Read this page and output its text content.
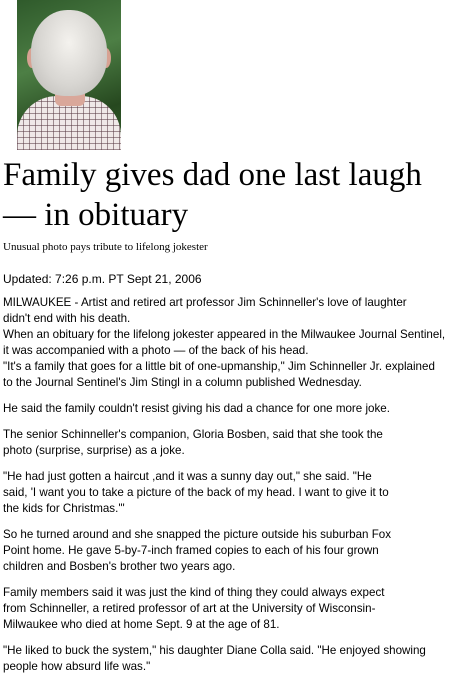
Family gives dad one last laugh — in obituary

Unusual photo pays tribute to lifelong jokester

Updated: 7:26 p.m. PT Sept 21, 2006

MILWAUKEE - Artist and retired art professor Jim Schinneller's love of laughter
didn't end with his death.
When an obituary for the lifelong jokester appeared in the Milwaukee Journal Sentinel,
it was accompanied with a photo — of the back of his head.
"It's a family that goes for a little bit of one-upmanship," Jim Schinneller Jr. explained
to the Journal Sentinel's Jim Stingl in a column published Wednesday.

He said the family couldn't resist giving his dad a chance for one more joke.

The senior Schinneller's companion, Gloria Bosben, said that she took the
photo (surprise, surprise) as a joke.

"He had just gotten a haircut ,and it was a sunny day out," she said. "He
said, 'I want you to take a picture of the back of my head. I want to give it to
the kids for Christmas.'"

So he turned around and she snapped the picture outside his suburban Fox
Point home. He gave 5-by-7-inch framed copies to each of his four grown
children and Bosben's brother two years ago.

Family members said it was just the kind of thing they could always expect
from Schinneller, a retired professor of art at the University of Wisconsin-
Milwaukee who died at home Sept. 9 at the age of 81.

"He liked to buck the system," his daughter Diane Colla said. "He enjoyed showing
people how absurd life was."
